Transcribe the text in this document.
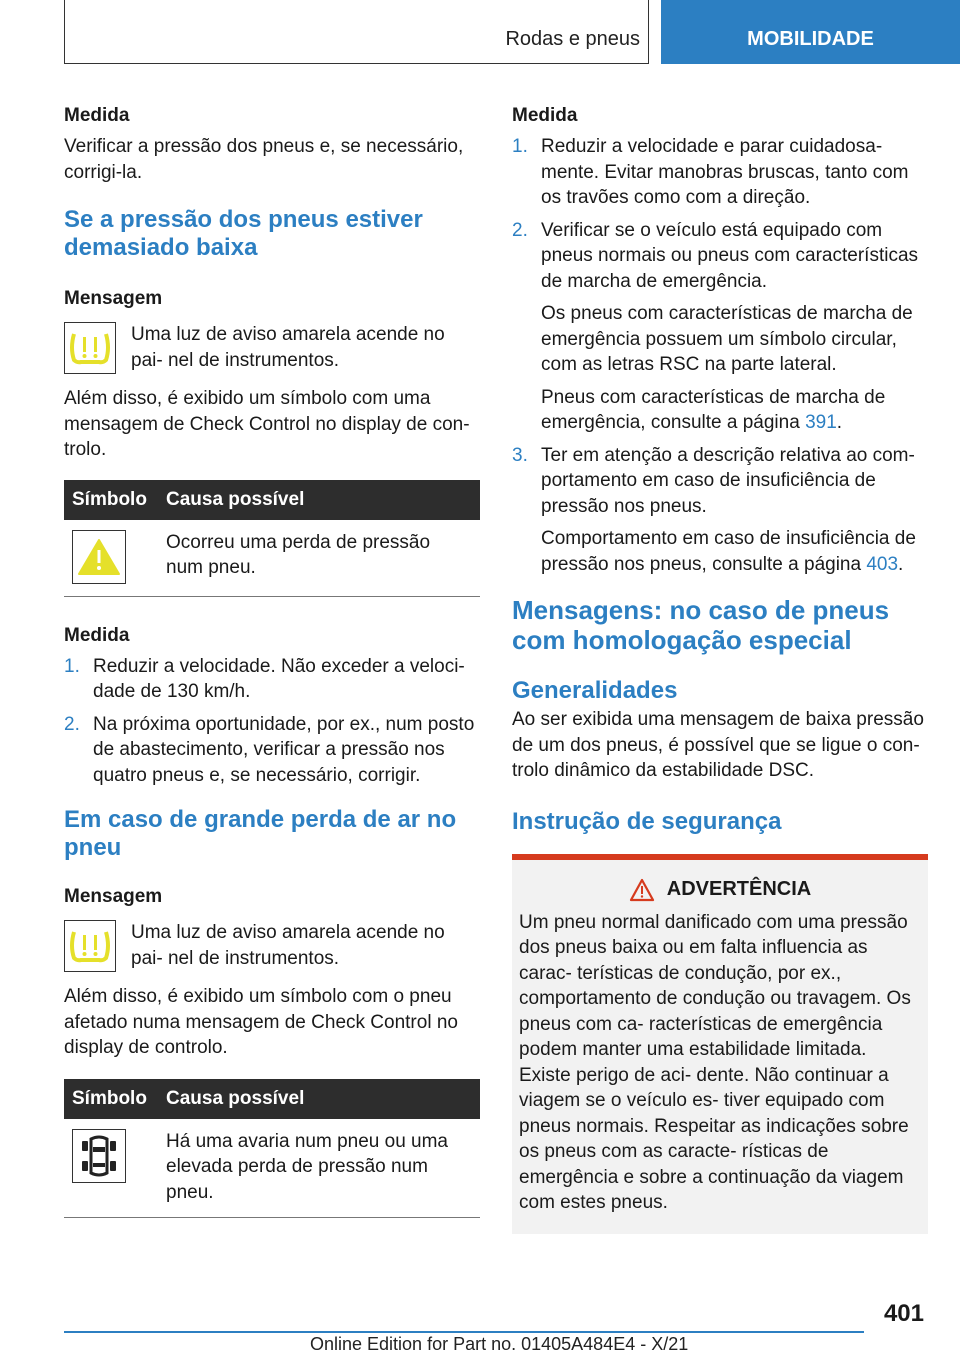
Rodas e pneus	MOBILIDADE

Medida

Verificar a pressão dos pneus e, se necessário, corrigi-la.

Se a pressão dos pneus estiver demasiado baixa

Mensagem

Uma luz de aviso amarela acende no pai- nel de instrumentos.

Além disso, é exibido um símbolo com uma mensagem de Check Control no display de con- trolo.

Símbolo	Causa possível

	Ocorreu uma perda de pressão num pneu.

Medida

1. Reduzir a velocidade. Não exceder a veloci- dade de 130 km/h.
2. Na próxima oportunidade, por ex., num posto de abastecimento, verificar a pressão nos quatro pneus e, se necessário, corrigir.
Em caso de grande perda de ar no pneu

Mensagem

Uma luz de aviso amarela acende no pai- nel de instrumentos.

Além disso, é exibido um símbolo com o pneu afetado numa mensagem de Check Control no display de controlo.

Símbolo	Causa possível

	Há uma avaria num pneu ou uma elevada perda de pressão num pneu.

Medida

1. Reduzir a velocidade e parar cuidadosa- mente. Evitar manobras bruscas, tanto com os travões como com a direção.
2. Verificar se o veículo está equipado com pneus normais ou pneus com características de marcha de emergência.
Os pneus com características de marcha de emergência possuem um símbolo circular, com as letras RSC na parte lateral.
Pneus com características de marcha de emergência, consulte a página 391.
3. Ter em atenção a descrição relativa ao com- portamento em caso de insuficiência de pressão nos pneus.
Comportamento em caso de insuficiência de pressão nos pneus, consulte a página 403.
Mensagens: no caso de pneus com homologação especial
Generalidades

Ao ser exibida uma mensagem de baixa pressão de um dos pneus, é possível que se ligue o con- trolo dinâmico da estabilidade DSC.

Instrução de segurança
ADVERTÊNCIA

Um pneu normal danificado com uma pressão dos pneus baixa ou em falta influencia as carac- terísticas de condução, por ex., comportamento de condução ou travagem. Os pneus com ca- racterísticas de emergência podem manter uma estabilidade limitada. Existe perigo de aci- dente. Não continuar a viagem se o veículo es- tiver equipado com pneus normais. Respeitar as indicações sobre os pneus com as caracte- rísticas de emergência e sobre a continuação da viagem com estes pneus.

401
Online Edition for Part no. 01405A484E4 - X/21
